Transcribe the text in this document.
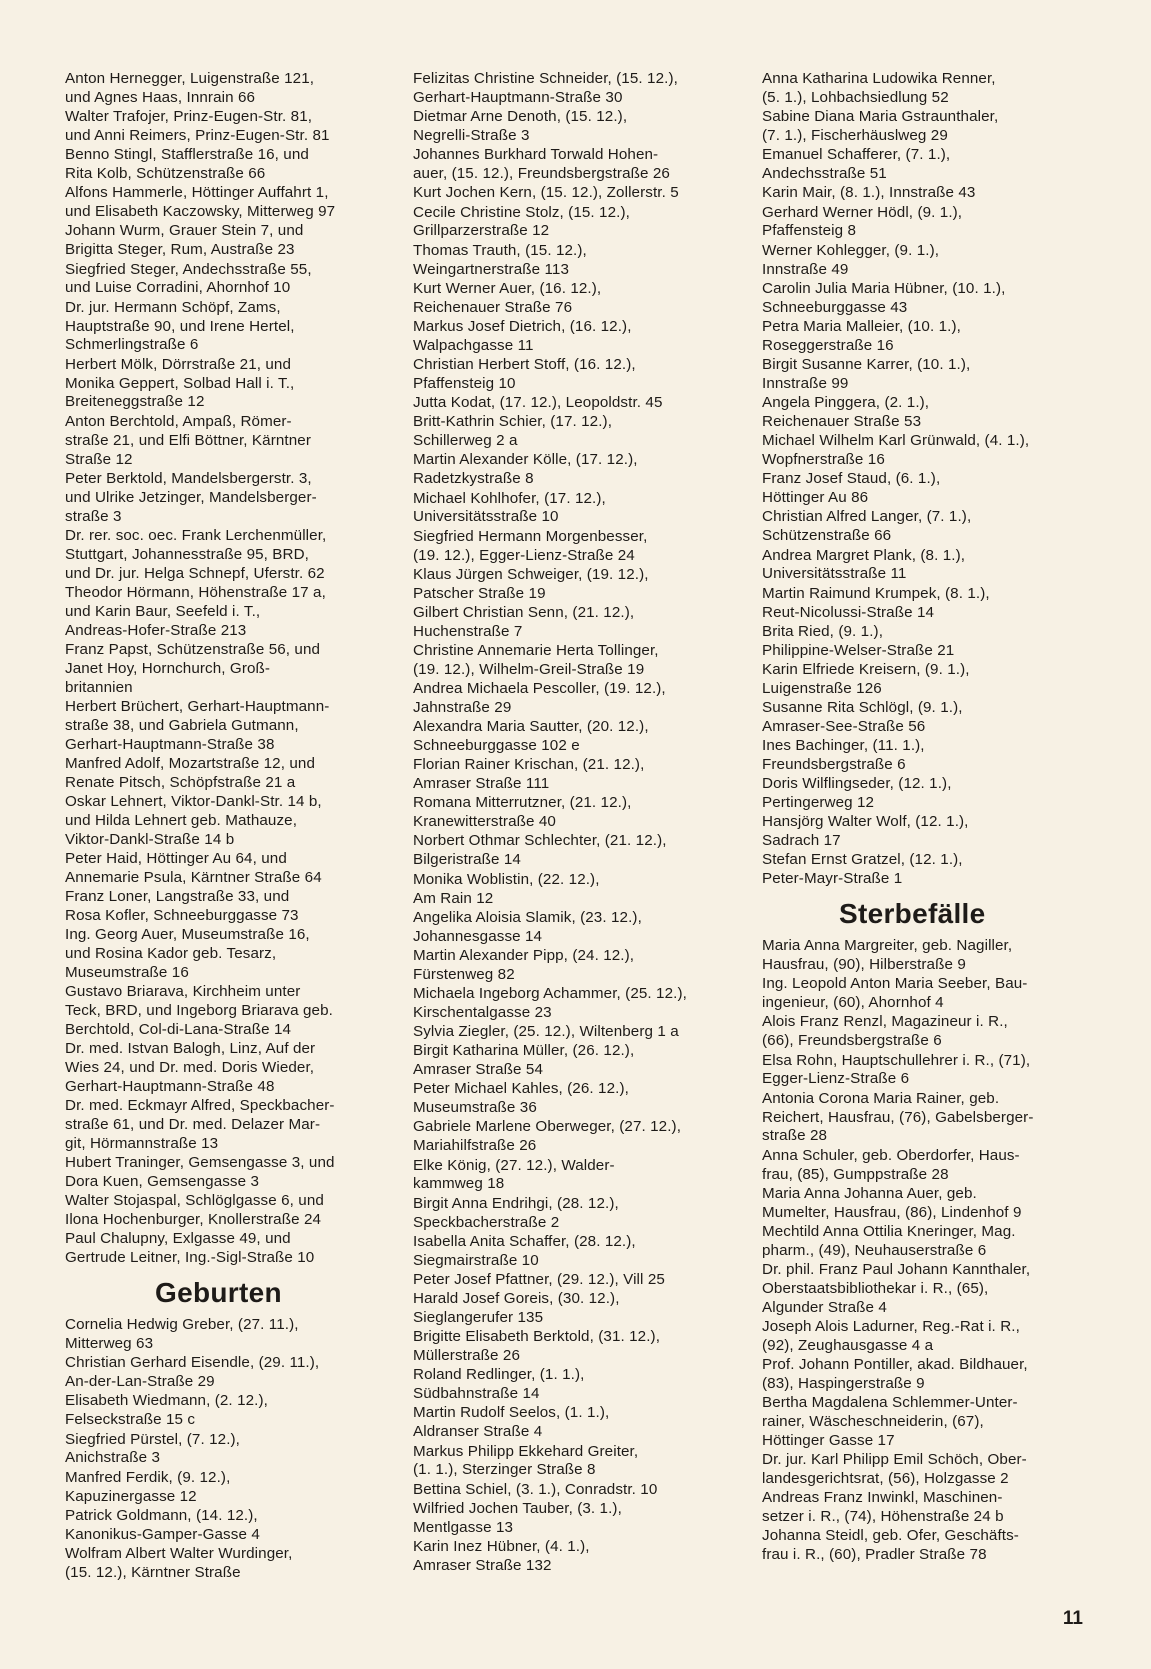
Anton Hernegger, Luigenstraße 121,
und Agnes Haas, Innrain 66
Walter Trafojer, Prinz-Eugen-Str. 81,
und Anni Reimers, Prinz-Eugen-Str. 81
Benno Stingl, Stafflerstraße 16, und
Rita Kolb, Schützenstraße 66
Alfons Hammerle, Höttinger Auffahrt 1,
und Elisabeth Kaczowsky, Mitterweg 97
Johann Wurm, Grauer Stein 7, und
Brigitta Steger, Rum, Austraße 23
Siegfried Steger, Andechsstraße 55,
und Luise Corradini, Ahornhof 10
Dr. jur. Hermann Schöpf, Zams,
Hauptstraße 90, und Irene Hertel,
Schmerlingstraße 6
Herbert Mölk, Dörrstraße 21, und
Monika Geppert, Solbad Hall i. T.,
Breiteneggstraße 12
Anton Berchtold, Ampaß, Römer-
straße 21, und Elfi Böttner, Kärntner
Straße 12
Peter Berktold, Mandelsbergerstr. 3,
und Ulrike Jetzinger, Mandelsberger-
straße 3
Dr. rer. soc. oec. Frank Lerchenmüller,
Stuttgart, Johannesstraße 95, BRD,
und Dr. jur. Helga Schnepf, Uferstr. 62
Theodor Hörmann, Höhenstraße 17 a,
und Karin Baur, Seefeld i. T.,
Andreas-Hofer-Straße 213
Franz Papst, Schützenstraße 56, und
Janet Hoy, Hornchurch, Groß-
britannien
Herbert Brüchert, Gerhart-Hauptmann-
straße 38, und Gabriela Gutmann,
Gerhart-Hauptmann-Straße 38
Manfred Adolf, Mozartstraße 12, und
Renate Pitsch, Schöpfstraße 21 a
Oskar Lehnert, Viktor-Dankl-Str. 14 b,
und Hilda Lehnert geb. Mathauze,
Viktor-Dankl-Straße 14 b
Peter Haid, Höttinger Au 64, und
Annemarie Psula, Kärntner Straße 64
Franz Loner, Langstraße 33, und
Rosa Kofler, Schneeburggasse 73
Ing. Georg Auer, Museumstraße 16,
und Rosina Kador geb. Tesarz,
Museumstraße 16
Gustavo Briarava, Kirchheim unter
Teck, BRD, und Ingeborg Briarava geb.
Berchtold, Col-di-Lana-Straße 14
Dr. med. Istvan Balogh, Linz, Auf der
Wies 24, und Dr. med. Doris Wieder,
Gerhart-Hauptmann-Straße 48
Dr. med. Eckmayr Alfred, Speckbacher-
straße 61, und Dr. med. Delazer Mar-
git, Hörmannstraße 13
Hubert Traninger, Gemsengasse 3, und
Dora Kuen, Gemsengasse 3
Walter Stojaspal, Schlöglgasse 6, und
Ilona Hochenburger, Knollerstraße 24
Paul Chalupny, Exlgasse 49, und
Gertrude Leitner, Ing.-Sigl-Straße 10
Geburten
Cornelia Hedwig Greber, (27. 11.),
Mitterweg 63
Christian Gerhard Eisendle, (29. 11.),
An-der-Lan-Straße 29
Elisabeth Wiedmann, (2. 12.),
Felseckstraße 15 c
Siegfried Pürstel, (7. 12.),
Anichstraße 3
Manfred Ferdik, (9. 12.),
Kapuzinergasse 12
Patrick Goldmann, (14. 12.),
Kanonikus-Gamper-Gasse 4
Wolfram Albert Walter Wurdinger,
(15. 12.), Kärntner Straße
Felizitas Christine Schneider, (15. 12.),
Gerhart-Hauptmann-Straße 30
Dietmar Arne Denoth, (15. 12.),
Negrelli-Straße 3
Johannes Burkhard Torwald Hohen-
auer, (15. 12.), Freundsbergstraße 26
Kurt Jochen Kern, (15. 12.), Zollerstr. 5
Cecile Christine Stolz, (15. 12.),
Grillparzerstraße 12
Thomas Trauth, (15. 12.),
Weingartnerstraße 113
Kurt Werner Auer, (16. 12.),
Reichenauer Straße 76
Markus Josef Dietrich, (16. 12.),
Walpachgasse 11
Christian Herbert Stoff, (16. 12.),
Pfaffensteig 10
Jutta Kodat, (17. 12.), Leopoldstr. 45
Britt-Kathrin Schier, (17. 12.),
Schillerweg 2 a
Martin Alexander Kölle, (17. 12.),
Radetzkystraße 8
Michael Kohlhofer, (17. 12.),
Universitätsstraße 10
Siegfried Hermann Morgenbesser,
(19. 12.), Egger-Lienz-Straße 24
Klaus Jürgen Schweiger, (19. 12.),
Patscher Straße 19
Gilbert Christian Senn, (21. 12.),
Huchenstraße 7
Christine Annemarie Herta Tollinger,
(19. 12.), Wilhelm-Greil-Straße 19
Andrea Michaela Pescoller, (19. 12.),
Jahnstraße 29
Alexandra Maria Sautter, (20. 12.),
Schneeburggasse 102 e
Florian Rainer Krischan, (21. 12.),
Amraser Straße 111
Romana Mitterrutzner, (21. 12.),
Kranewitterstraße 40
Norbert Othmar Schlechter, (21. 12.),
Bilgeristraße 14
Monika Woblistin, (22. 12.),
Am Rain 12
Angelika Aloisia Slamik, (23. 12.),
Johannesgasse 14
Martin Alexander Pipp, (24. 12.),
Fürstenweg 82
Michaela Ingeborg Achammer, (25. 12.),
Kirschentalgasse 23
Sylvia Ziegler, (25. 12.), Wiltenberg 1 a
Birgit Katharina Müller, (26. 12.),
Amraser Straße 54
Peter Michael Kahles, (26. 12.),
Museumstraße 36
Gabriele Marlene Oberweger, (27. 12.),
Mariahilfstraße 26
Elke König, (27. 12.), Walder-
kammweg 18
Birgit Anna Endrihgi, (28. 12.),
Speckbacherstraße 2
Isabella Anita Schaffer, (28. 12.),
Siegmairstraße 10
Peter Josef Pfattner, (29. 12.), Vill 25
Harald Josef Goreis, (30. 12.),
Sieglangerufer 135
Brigitte Elisabeth Berktold, (31. 12.),
Müllerstraße 26
Roland Redlinger, (1. 1.),
Südbahnstraße 14
Martin Rudolf Seelos, (1. 1.),
Aldranser Straße 4
Markus Philipp Ekkehard Greiter,
(1. 1.), Sterzinger Straße 8
Bettina Schiel, (3. 1.), Conradstr. 10
Wilfried Jochen Tauber, (3. 1.),
Mentlgasse 13
Karin Inez Hübner, (4. 1.),
Amraser Straße 132
Anna Katharina Ludowika Renner,
(5. 1.), Lohbachsiedlung 52
Sabine Diana Maria Gstraunthaler,
(7. 1.), Fischerhäuslweg 29
Emanuel Schafferer, (7. 1.),
Andechsstraße 51
Karin Mair, (8. 1.), Innstraße 43
Gerhard Werner Hödl, (9. 1.),
Pfaffensteig 8
Werner Kohlegger, (9. 1.),
Innstraße 49
Carolin Julia Maria Hübner, (10. 1.),
Schneeburggasse 43
Petra Maria Malleier, (10. 1.),
Roseggerstraße 16
Birgit Susanne Karrer, (10. 1.),
Innstraße 99
Angela Pinggera, (2. 1.),
Reichenauer Straße 53
Michael Wilhelm Karl Grünwald, (4. 1.),
Wopfnerstraße 16
Franz Josef Staud, (6. 1.),
Höttinger Au 86
Christian Alfred Langer, (7. 1.),
Schützenstraße 66
Andrea Margret Plank, (8. 1.),
Universitätsstraße 11
Martin Raimund Krumpek, (8. 1.),
Reut-Nicolussi-Straße 14
Brita Ried, (9. 1.),
Philippine-Welser-Straße 21
Karin Elfriede Kreisern, (9. 1.),
Luigenstraße 126
Susanne Rita Schlögl, (9. 1.),
Amraser-See-Straße 56
Ines Bachinger, (11. 1.),
Freundsbergstraße 6
Doris Wilflingseder, (12. 1.),
Pertingerweg 12
Hansjörg Walter Wolf, (12. 1.),
Sadrach 17
Stefan Ernst Gratzel, (12. 1.),
Peter-Mayr-Straße 1
Sterbefälle
Maria Anna Margreiter, geb. Nagiller,
Hausfrau, (90), Hilberstraße 9
Ing. Leopold Anton Maria Seeber, Bau-
ingenieur, (60), Ahornhof 4
Alois Franz Renzl, Magazineur i. R.,
(66), Freundsbergstraße 6
Elsa Rohn, Hauptschullehrer i. R., (71),
Egger-Lienz-Straße 6
Antonia Corona Maria Rainer, geb.
Reichert, Hausfrau, (76), Gabelsberger-
straße 28
Anna Schuler, geb. Oberdorfer, Haus-
frau, (85), Gumppstraße 28
Maria Anna Johanna Auer, geb.
Mumelter, Hausfrau, (86), Lindenhof 9
Mechtild Anna Ottilia Kneringer, Mag.
pharm., (49), Neuhauserstraße 6
Dr. phil. Franz Paul Johann Kannthaler,
Oberstaatsbibliothekar i. R., (65),
Algunder Straße 4
Joseph Alois Ladurner, Reg.-Rat i. R.,
(92), Zeughausgasse 4 a
Prof. Johann Pontiller, akad. Bildhauer,
(83), Haspingerstraße 9
Bertha Magdalena Schlemmer-Unter-
rainer, Wäscheschneiderin, (67),
Höttinger Gasse 17
Dr. jur. Karl Philipp Emil Schöch, Ober-
landesgerichtsrat, (56), Holzgasse 2
Andreas Franz Inwinkl, Maschinen-
setzer i. R., (74), Höhenstraße 24 b
Johanna Steidl, geb. Ofer, Geschäfts-
frau i. R., (60), Pradler Straße 78
11
